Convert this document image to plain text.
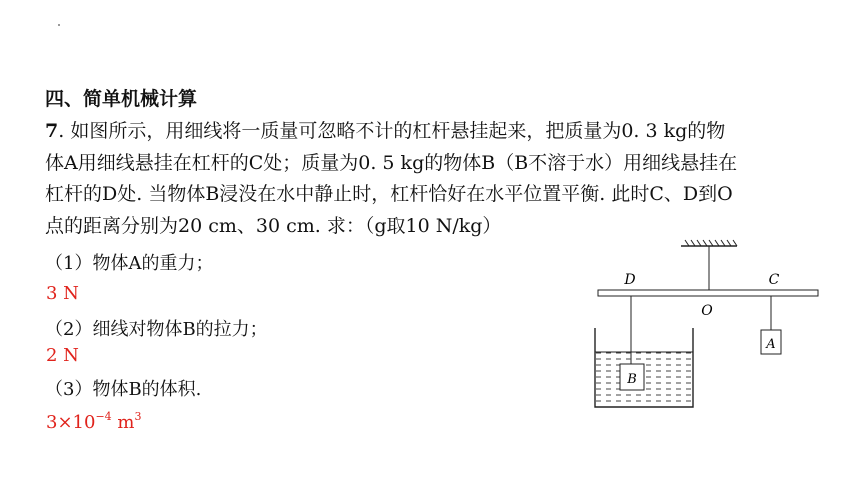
四、简单机械计算
7. 如图所示，用细线将一质量可忽略不计的杠杆悬挂起来，把质量为0. 3 kg的物
体A用细线悬挂在杠杆的C处；质量为0. 5 kg的物体B（B不溶于水）用细线悬挂在
杠杆的D处. 当物体B浸没在水中静止时，杠杆恰好在水平位置平衡. 此时C、D到O
点的距离分别为20 cm、30 cm. 求：（g取10 N/kg）
（1）物体A的重力；
3 N
（2）细线对物体B的拉力；
2 N
（3）物体B的体积.
$3\times 10^{-4}$ $m^3$
D
O
C
A
B
